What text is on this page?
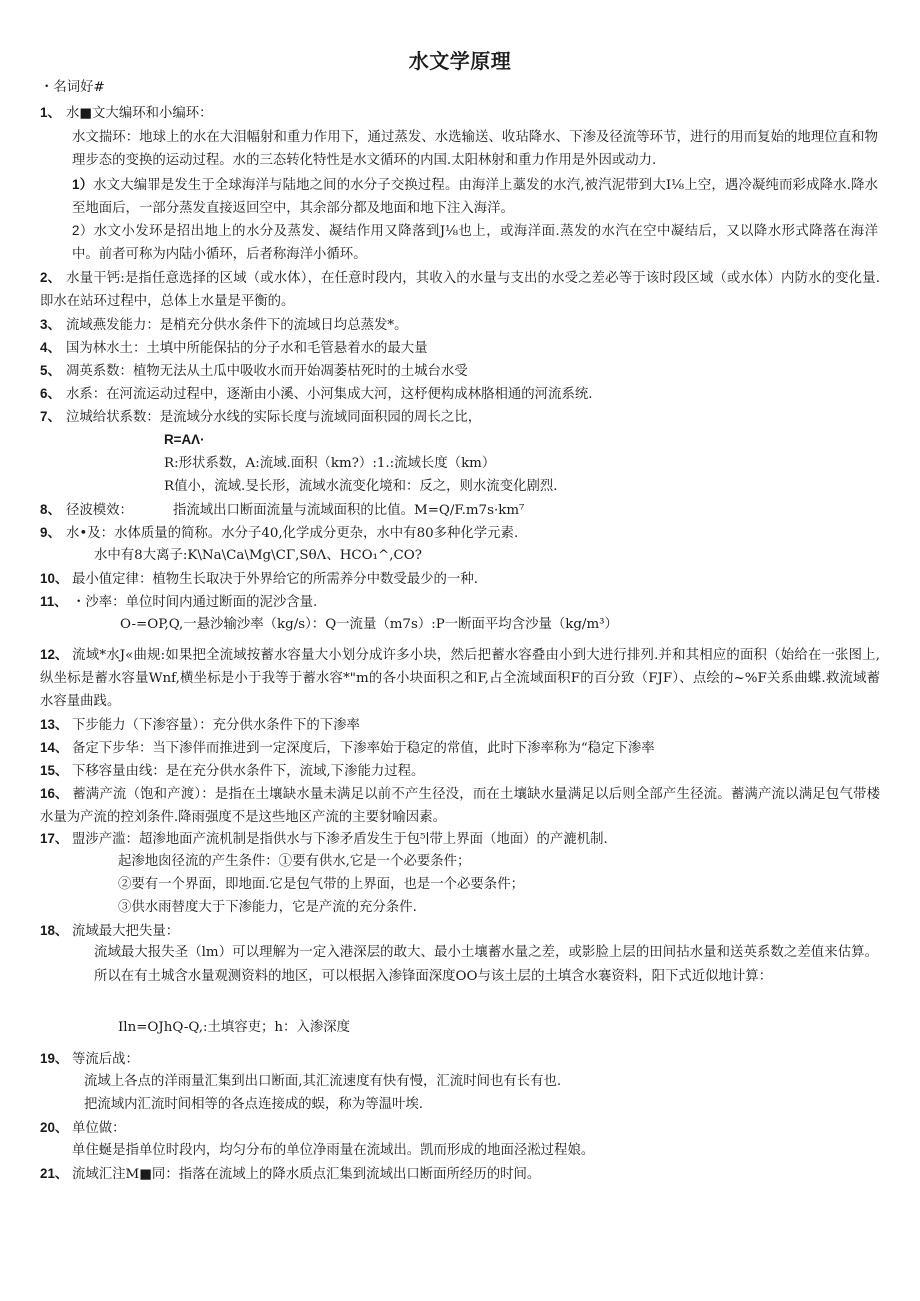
水文学原理
・名词好#
1、 水■文大编环和小编环：
水文揣环：地球上的水在大泪幅射和重力作用下，通过蒸发、水选输送、收玷降水、下渗及径流等环节，进行的用而复始的地理位直和物理步态的变换的运动过程。水的三态转化特性是水文循环的内国.太阳林射和重力作用是外因或动力.
1）水文大编罪是发生于全球海洋与陆地之间的水分子交换过程。由海洋上藁发的水汽,被汽泥带到大I⅛上空，遇冷凝纯而彩成降水.降水至地面后，一部分蒸发直接返回空中，其余部分都及地面和地下注入海洋。
2）水文小发环是招出地上的水分及蒸发、凝结作用又降落到J⅛也上，或海洋面.蒸发的水汽在空中凝结后，又以降水形式降落在海洋中。前者可称为内陆小循环，后者称海洋小循环。
2、 水量干钙:是指任意选择的区域（或水体），在任意时段内，其收入的水量与支出的水受之差必等于该时段区域（或水体）内防水的变化量.即水在站环过程中，总体上水量是平衡的。
3、 流域燕发能力：是梢充分供水条件下的流域日均总蒸发*。
4、 国为林水土：土填中所能保拈的分子水和毛管悬着水的最大量
5、 凋英系数：植物无法从土瓜中吸收水而开始凋萎枯死时的土城台水受
6、 水系：在河流运动过程中，逐渐由小溪、小河集成大河，这杼便构成林胳相通的河流系统.
7、 泣城给状系数：是流域分水线的实际长度与流域同面积园的周长之比，
R=AΛ·
R:形状系数，A:流域.面积（km?）:1.:流域长度（km）
R值小，流域.旻长形，流域水流变化境和：反之，则水流变化剧烈.
8、 径波模效：	指流域出口断面流量与流域面积的比值。M=Q/F.m7s·km⁷
9、 水•及：水体质量的简称。水分子40,化学成分更杂，水中有80多种化学元素.
水中有8大离子:K\Na\Ca\Mg\CΓ,SθΛ、HCO₁^,CO?
10、 最小值定律：植物生长取决于外界给它的所需养分中数受最少的一种.
11、 ・沙率：单位时间内通过断面的泥沙含量.
O-=OP,Q,一悬沙输沙率（kg∕s）：Q一流量（m7s）:P一断面平均含沙量（kg∕m³）
12、 流域*水J«曲规:如果把全流域按蓄水容量大小划分成许多小块，然后把蓄水容叠由小到大进行排列.并和其相应的面积（始给在一张图上,纵坐标是蓄水容量Wnf,横坐标是小于我等于蓄水容*"m的各小块面积之和F,占全流域面积F的百分致（FJF）、点绘的~%F关系曲蝶.救流域蓄水容量曲践。
13、 下步能力（下渗容量）：充分供水条件下的下渗率
14、 备定下步华：当下渗伴而推进到一定深度后，下渗率始于稳定的常值，此时下渗率称为“稳定下渗率
15、 下移容量由线：是在充分供水条件下，流域,下渗能力过程。
16、 蓄满产流（饱和产渡）：是指在土壤缺水量未满足以前不产生径没，而在土壤缺水量满足以后则全部产生径流。蓄满产流以满足包气带楼水量为产流的控刘条件.降雨强度不是这些地区产流的主要豺喻因素。
17、 盟涉产滥：超渗地面产流机制是指供水与下渗矛盾发生于包⁵∣带上界面（地面）的产漉机制.
起渗地囱径流的产生条件：①要有供水,它是一个必要条件；
②要有一个界面，即地面.它是包气带的上界面，也是一个必要条件；
③供水雨替度大于下渗能力，它是产流的充分条件.
18、 流域最大把失量：
流域最大报失圣（lm）可以理解为一定入港深层的敢大、最小土壤蓄水量之差，或影脸上层的田间拈水量和送英系数之差值来估算。所以在有土城含水量观测资料的地区，可以根据入渗锋面深度OO与该土层的土填含水褰资料，阳下式近似地计算：
Iln=OJhQ-Q,:土填容吏；h：入渗深度
19、 等流后战：
流域上各点的洋雨量汇集到出口断面,其汇流速度有快有慢，汇流时间也有长有也.
把流域内汇流时间相等的各点连接成的蜈，称为等温叶埃.
20、 单位做：
单住蜒是指单位时段内，均匀分布的单位净雨量在流域出。凯而形成的地面泾淞过程娘。
21、 流域汇注M■同：指落在流域上的降水质点汇集到流域出口断面所经历的时间。
